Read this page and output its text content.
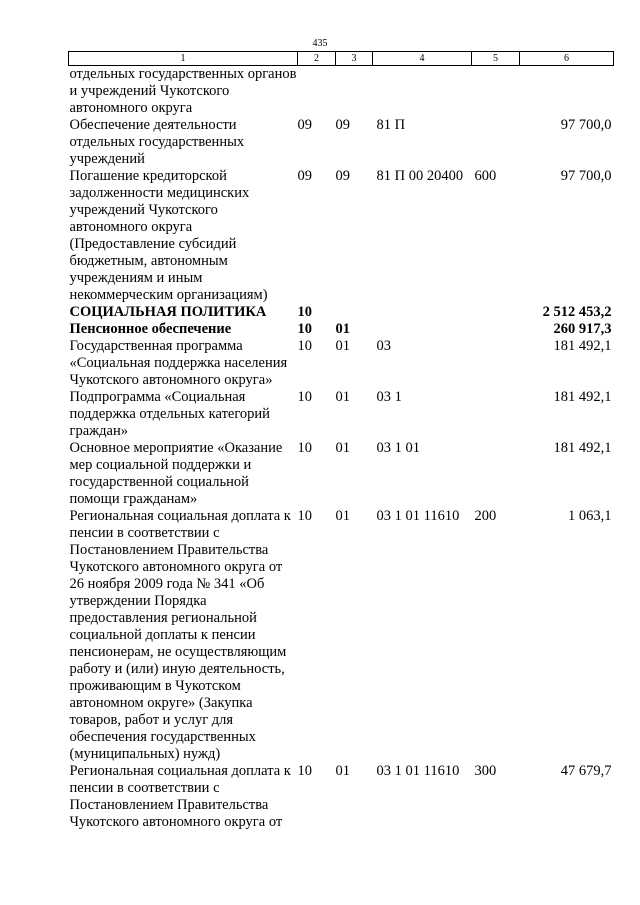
435
1	2	3	4	5	6
отдельных государственных органов и учреждений Чукотского автономного округа					
Обеспечение деятельности отдельных государственных учреждений	09	09	81 П		97 700,0
Погашение кредиторской задолженности медицинских учреждений Чукотского автономного округа (Предоставление субсидий бюджетным, автономным учреждениям и иным некоммерческим организациям)	09	09	81 П 00 20400	600	97 700,0
СОЦИАЛЬНАЯ ПОЛИТИКА	10				2 512 453,2
Пенсионное обеспечение	10	01			260 917,3
Государственная программа «Социальная поддержка населения Чукотского автономного округа»	10	01	03		181 492,1
Подпрограмма «Социальная поддержка отдельных категорий граждан»	10	01	03 1		181 492,1
Основное мероприятие «Оказание мер социальной поддержки и государственной социальной помощи гражданам»	10	01	03 1 01		181 492,1
Региональная социальная доплата к пенсии в соответствии с Постановлением Правительства Чукотского автономного округа от 26 ноября 2009 года № 341 «Об утверждении Порядка предоставления региональной социальной доплаты к пенсии пенсионерам, не осуществляющим работу и (или) иную деятельность, проживающим в Чукотском автономном округе» (Закупка товаров, работ и услуг для обеспечения государственных (муниципальных) нужд)	10	01	03 1 01 11610	200	1 063,1
Региональная социальная доплата к пенсии в соответствии с Постановлением Правительства Чукотского автономного округа от	10	01	03 1 01 11610	300	47 679,7
